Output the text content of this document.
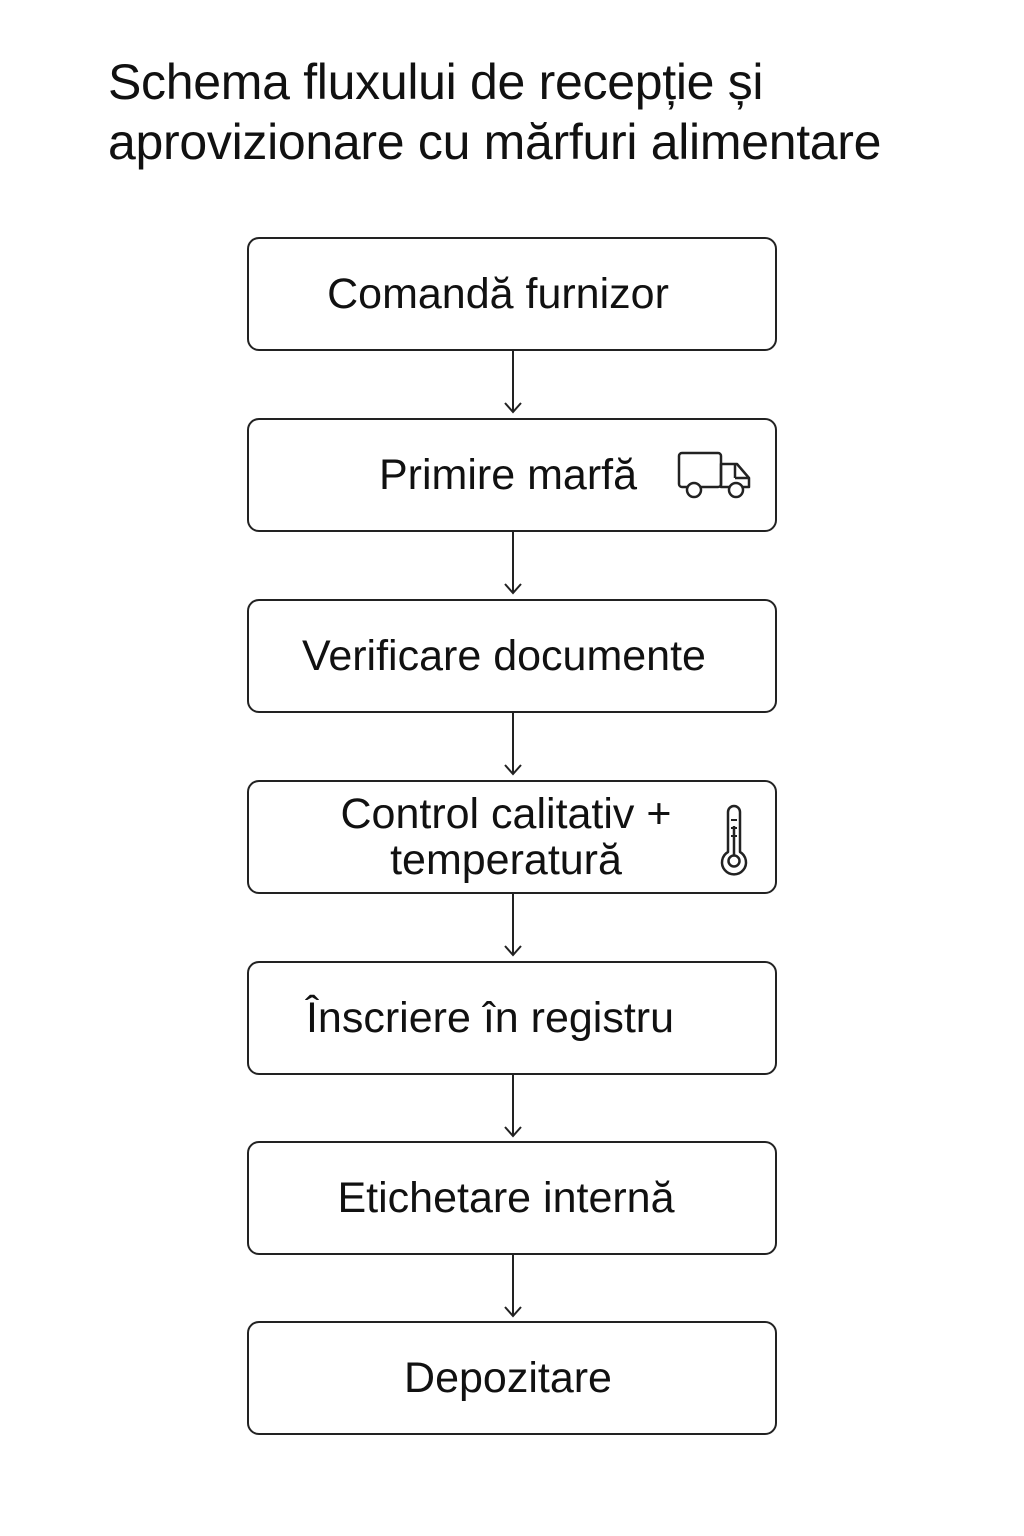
Schema fluxului de recepție și
aprovizionare cu mărfuri alimentare
Comandă furnizor
Primire marfă
Verificare documente
Control calitativ +
temperatură
Înscriere în registru
Etichetare internă
Depozitare
